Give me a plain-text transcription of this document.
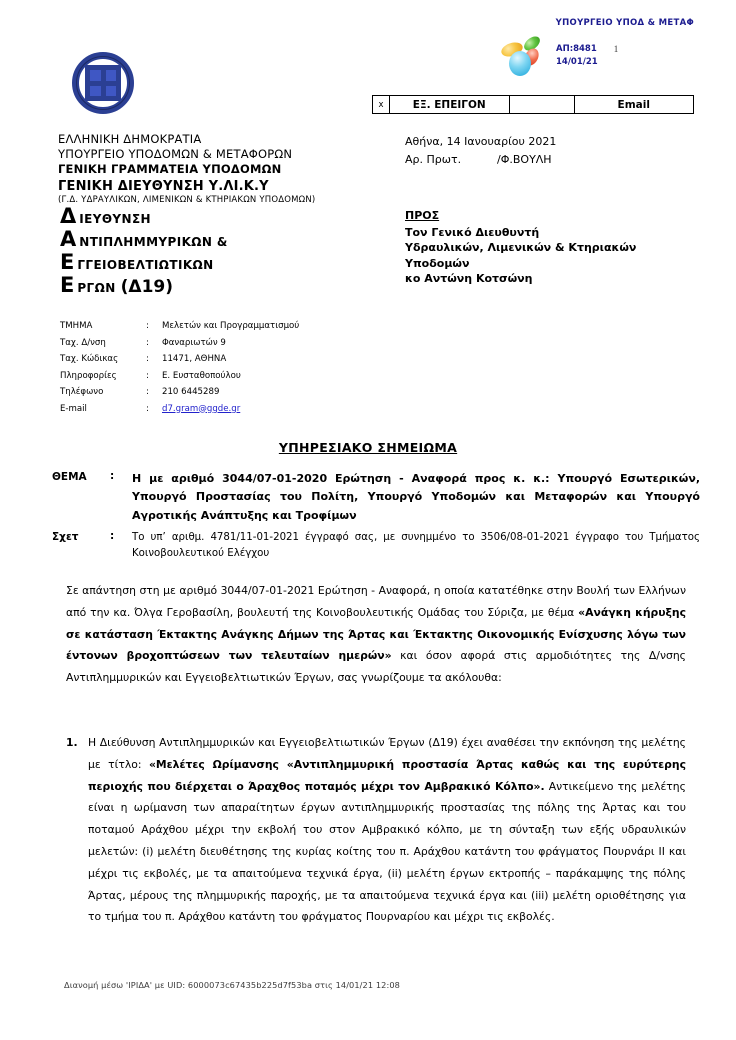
ΥΠΟΥΡΓΕΙΟ ΥΠΟΔ & ΜΕΤΑΦ
ΑΠ:8481
14/01/21
1
x	ΕΞ. ΕΠΕΙΓΟΝ		Email
ΕΛΛΗΝΙΚΗ ΔΗΜΟΚΡΑΤΙΑ
ΥΠΟΥΡΓΕΙΟ ΥΠΟΔΟΜΩΝ & ΜΕΤΑΦΟΡΩΝ
ΓΕΝΙΚΗ ΓΡΑΜΜΑΤΕΙΑ ΥΠΟΔΟΜΩΝ
ΓΕΝΙΚΗ ΔΙΕΥΘΥΝΣΗ Υ.ΛΙ.Κ.Υ
(Γ.Δ. ΥΔΡΑΥΛΙΚΩΝ, ΛΙΜΕΝΙΚΩΝ & ΚΤΗΡΙΑΚΩΝ ΥΠΟΔΟΜΩΝ)
Δ ΙΕΥΘΥΝΣΗ
Α ΝΤΙΠΛΗΜΜΥΡΙΚΩΝ &
Ε ΓΓΕΙΟΒΕΛΤΙΩΤΙΚΩΝ
Ε ΡΓΩΝ (Δ19)
ΤΜΗΜΑ	:	Μελετών και Προγραμματισμού
Ταχ. Δ/νση	:	Φαναριωτών 9
Ταχ. Κώδικας	:	11471, ΑΘΗΝΑ
Πληροφορίες	:	Ε. Ευσταθοπούλου
Τηλέφωνο	:	210 6445289
E-mail	:	d7.gram@ggde.gr
Αθήνα, 14 Ιανουαρίου 2021
Αρ. Πρωτ.	/Φ.ΒΟΥΛΗ
ΠΡΟΣ
Τον Γενικό Διευθυντή
Υδραυλικών, Λιμενικών & Κτηριακών
Υποδομών
κο Αντώνη Κοτσώνη
ΥΠΗΡΕΣΙΑΚΟ ΣΗΜΕΙΩΜΑ
ΘΕΜΑ	:	Η με αριθμό 3044/07-01-2020 Ερώτηση - Αναφορά προς κ. κ.: Υπουργό Εσωτερικών, Υπουργό Προστασίας του Πολίτη, Υπουργό Υποδομών και Μεταφορών και Υπουργό Αγροτικής Ανάπτυξης και Τροφίμων
Σχετ	:	Το υπ’ αριθμ. 4781/11-01-2021 έγγραφό σας, με συνημμένο το 3506/08-01-2021 έγγραφο του Τμήματος Κοινοβουλευτικού Ελέγχου
Σε απάντηση στη με αριθμό 3044/07-01-2021 Ερώτηση - Αναφορά, η οποία κατατέθηκε στην Βουλή των Ελλήνων από την κα. Όλγα Γεροβασίλη, βουλευτή της Κοινοβουλευτικής Ομάδας του Σύριζα, με θέμα «Ανάγκη κήρυξης σε κατάσταση Έκτακτης Ανάγκης Δήμων της Άρτας και Έκτακτης Οικονομικής Ενίσχυσης λόγω των έντονων βροχοπτώσεων των τελευταίων ημερών» και όσον αφορά στις αρμοδιότητες της Δ/νσης Αντιπλημμυρικών και Εγγειοβελτιωτικών Έργων, σας γνωρίζουμε τα ακόλουθα:
1. Η Διεύθυνση Αντιπλημμυρικών και Εγγειοβελτιωτικών Έργων (Δ19) έχει αναθέσει την εκπόνηση της μελέτης με τίτλο: «Μελέτες Ωρίμανσης «Αντιπλημμυρική προστασία Άρτας καθώς και της ευρύτερης περιοχής που διέρχεται ο Άραχθος ποταμός μέχρι τον Αμβρακικό Κόλπο». Αντικείμενο της μελέτης είναι η ωρίμανση των απαραίτητων έργων αντιπλημμυρικής προστασίας της πόλης της Άρτας και του ποταμού Αράχθου μέχρι την εκβολή του στον Αμβρακικό κόλπο, με τη σύνταξη των εξής υδραυλικών μελετών: (i) μελέτη διευθέτησης της κυρίας κοίτης του π. Αράχθου κατάντη του φράγματος Πουρνάρι ΙΙ και μέχρι τις εκβολές, με τα απαιτούμενα τεχνικά έργα, (ii) μελέτη έργων εκτροπής – παράκαμψης της πόλης Άρτας, μέρους της πλημμυρικής παροχής, με τα απαιτούμενα τεχνικά έργα και (iii) μελέτη οριοθέτησης για το τμήμα του π. Αράχθου κατάντη του φράγματος Πουρναρίου και μέχρι τις εκβολές.
Διανομή μέσω 'ΙΡΙΔΑ' με UID: 6000073c67435b225d7f53ba στις 14/01/21 12:08
